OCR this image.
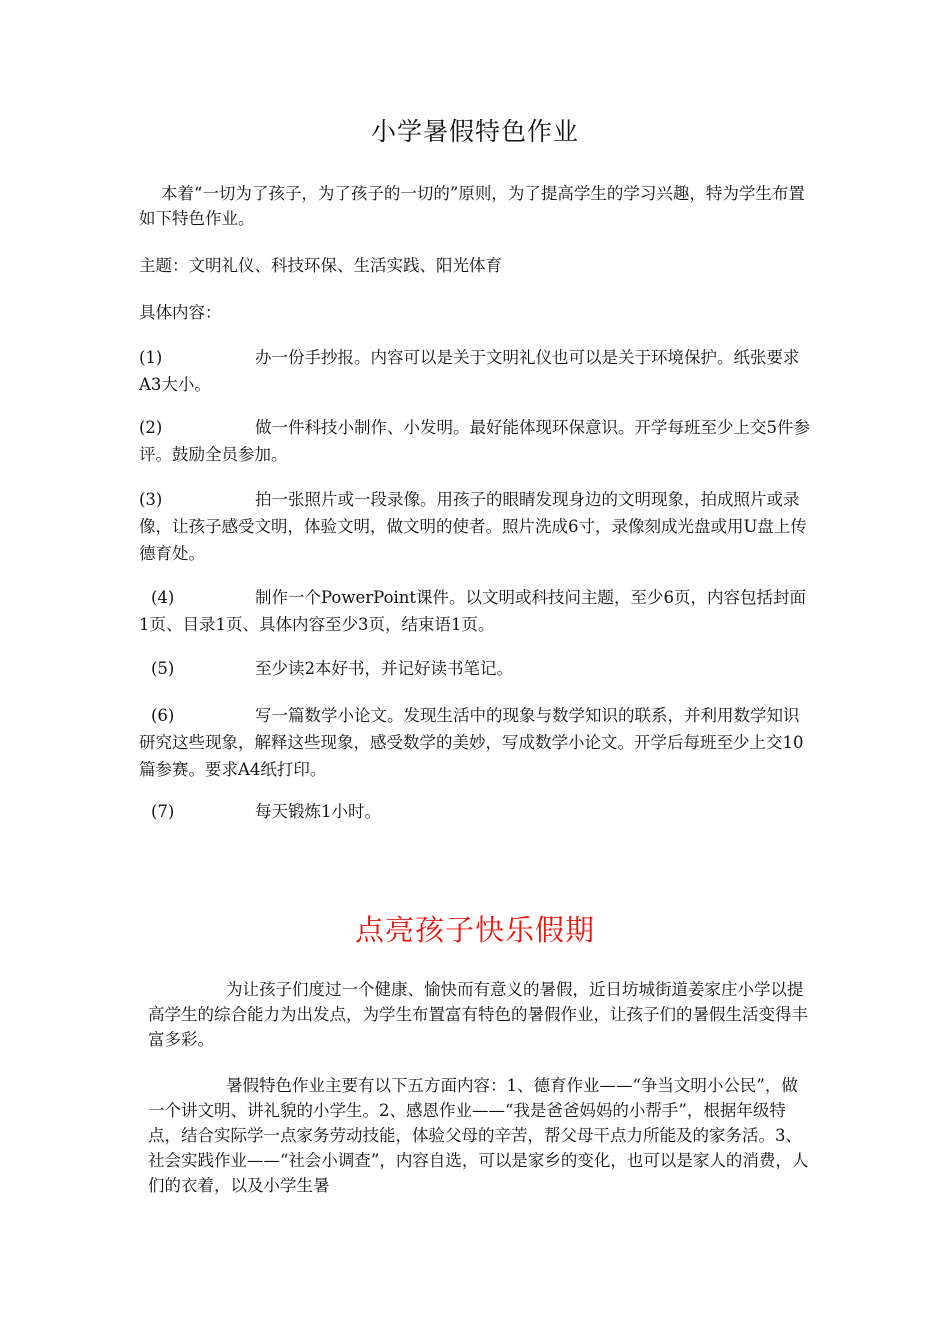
小学暑假特色作业
本着“一切为了孩子，为了孩子的一切的”原则，为了提高学生的学习兴趣，特为学生布置如下特色作业。
主题：文明礼仪、科技环保、生活实践、阳光体育
具体内容：
(1)	办一份手抄报。内容可以是关于文明礼仪也可以是关于环境保护。纸张要求A3大小。
(2)	做一件科技小制作、小发明。最好能体现环保意识。开学每班至少上交5件参评。鼓励全员参加。
(3)	拍一张照片或一段录像。用孩子的眼睛发现身边的文明现象，拍成照片或录像，让孩子感受文明，体验文明，做文明的使者。照片洗成6寸，录像刻成光盘或用U盘上传德育处。
(4)	制作一个PowerPoint课件。以文明或科技问主题，至少6页，内容包括封面1页、目录1页、具体内容至少3页，结束语1页。
(5)	至少读2本好书，并记好读书笔记。
(6)	写一篇数学小论文。发现生活中的现象与数学知识的联系，并利用数学知识研究这些现象，解释这些现象，感受数学的美妙，写成数学小论文。开学后每班至少上交10篇参赛。要求A4纸打印。
(7)	每天锻炼1小时。
点亮孩子快乐假期
为让孩子们度过一个健康、愉快而有意义的暑假，近日坊城街道姜家庄小学以提高学生的综合能力为出发点，为学生布置富有特色的暑假作业，让孩子们的暑假生活变得丰富多彩。
暑假特色作业主要有以下五方面内容：1、德育作业——“争当文明小公民”，做一个讲文明、讲礼貌的小学生。2、感恩作业——“我是爸爸妈妈的小帮手”，根据年级特点，结合实际学一点家务劳动技能，体验父母的辛苦，帮父母干点力所能及的家务活。3、社会实践作业——“社会小调查”，内容自选，可以是家乡的变化，也可以是家人的消费，人们的衣着，以及小学生暑
